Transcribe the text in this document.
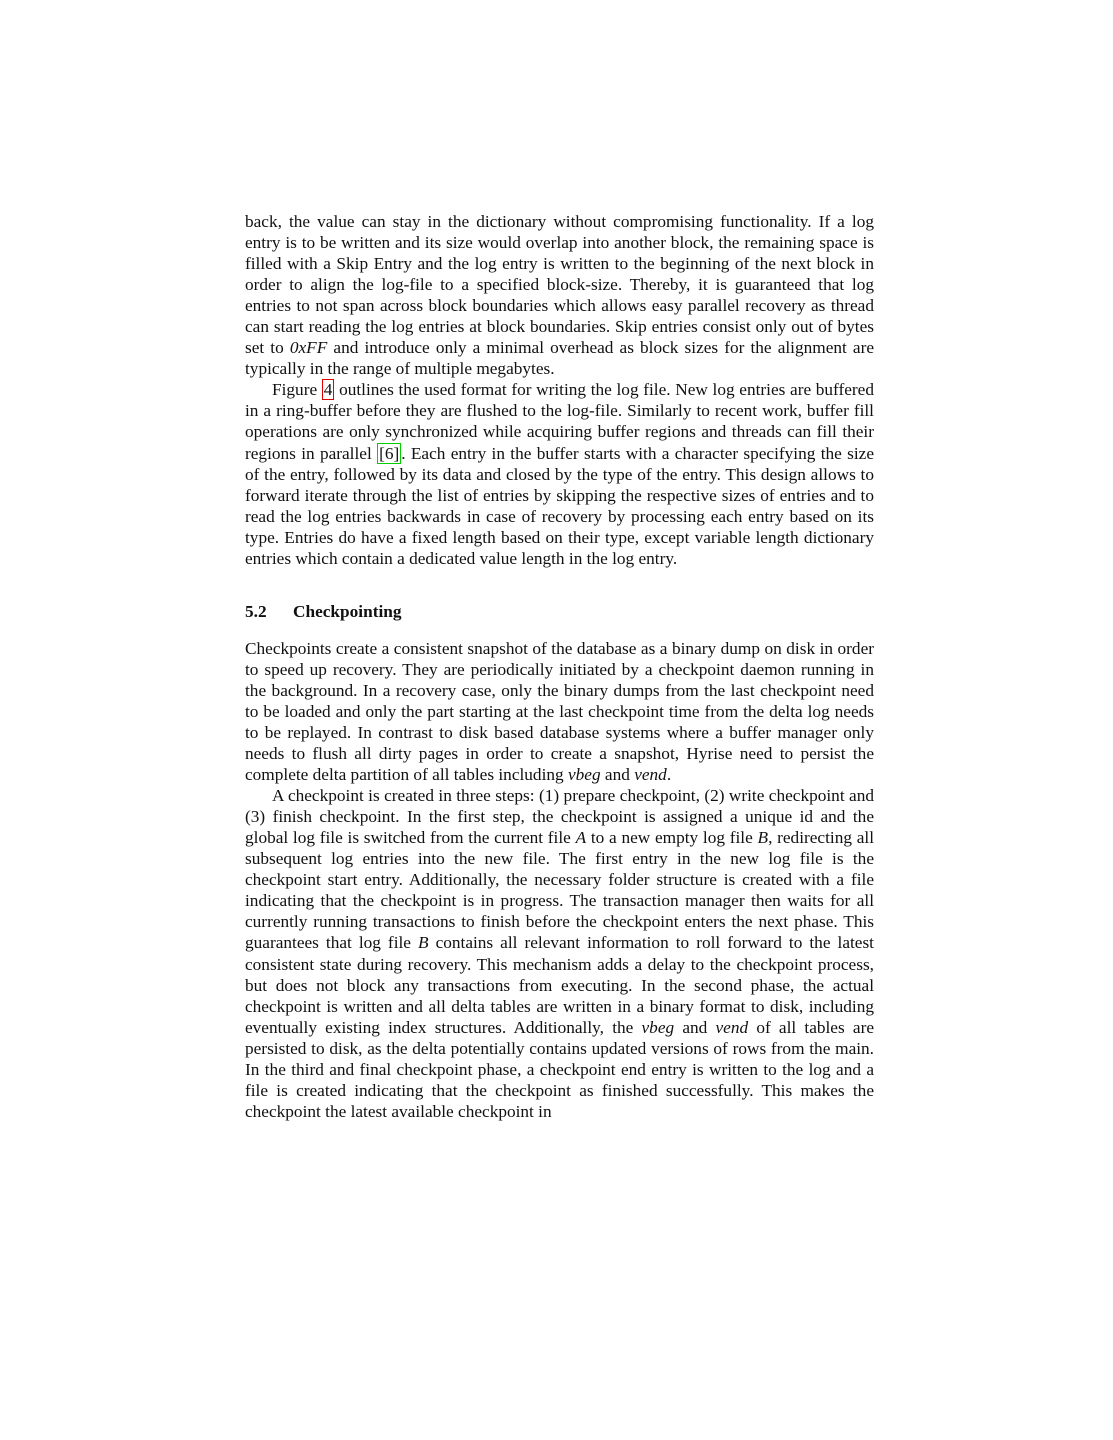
back, the value can stay in the dictionary without compromising functionality. If a log entry is to be written and its size would overlap into another block, the remaining space is filled with a Skip Entry and the log entry is written to the beginning of the next block in order to align the log-file to a specified block-size. Thereby, it is guaranteed that log entries to not span across block boundaries which allows easy parallel recovery as thread can start reading the log entries at block boundaries. Skip entries consist only out of bytes set to 0xFF and introduce only a minimal overhead as block sizes for the alignment are typically in the range of multiple megabytes.

Figure 4 outlines the used format for writing the log file. New log entries are buffered in a ring-buffer before they are flushed to the log-file. Similarly to recent work, buffer fill operations are only synchronized while acquiring buffer regions and threads can fill their regions in parallel [6] . Each entry in the buffer starts with a character specifying the size of the entry, followed by its data and closed by the type of the entry. This design allows to forward iterate through the list of entries by skipping the respective sizes of entries and to read the log entries backwards in case of recovery by processing each entry based on its type. Entries do have a fixed length based on their type, except variable length dictionary entries which contain a dedicated value length in the log entry.

5.2 Checkpointing

Checkpoints create a consistent snapshot of the database as a binary dump on disk in order to speed up recovery. They are periodically initiated by a checkpoint daemon running in the background. In a recovery case, only the binary dumps from the last checkpoint need to be loaded and only the part starting at the last checkpoint time from the delta log needs to be replayed. In contrast to disk based database systems where a buffer manager only needs to flush all dirty pages in order to create a snapshot, Hyrise need to persist the complete delta partition of all tables including vbeg and vend.

A checkpoint is created in three steps: (1) prepare checkpoint, (2) write checkpoint and (3) finish checkpoint. In the first step, the checkpoint is assigned a unique id and the global log file is switched from the current file A to a new empty log file B, redirecting all subsequent log entries into the new file. The first entry in the new log file is the checkpoint start entry. Additionally, the necessary folder structure is created with a file indicating that the checkpoint is in progress. The transaction manager then waits for all currently running transactions to finish before the checkpoint enters the next phase. This guarantees that log file B contains all relevant information to roll forward to the latest consistent state during recovery. This mechanism adds a delay to the checkpoint process, but does not block any transactions from executing. In the second phase, the actual checkpoint is written and all delta tables are written in a binary format to disk, including eventually existing index structures. Additionally, the vbeg and vend of all tables are persisted to disk, as the delta potentially contains updated versions of rows from the main. In the third and final checkpoint phase, a checkpoint end entry is written to the log and a file is created indicating that the checkpoint as finished successfully. This makes the checkpoint the latest available checkpoint in
